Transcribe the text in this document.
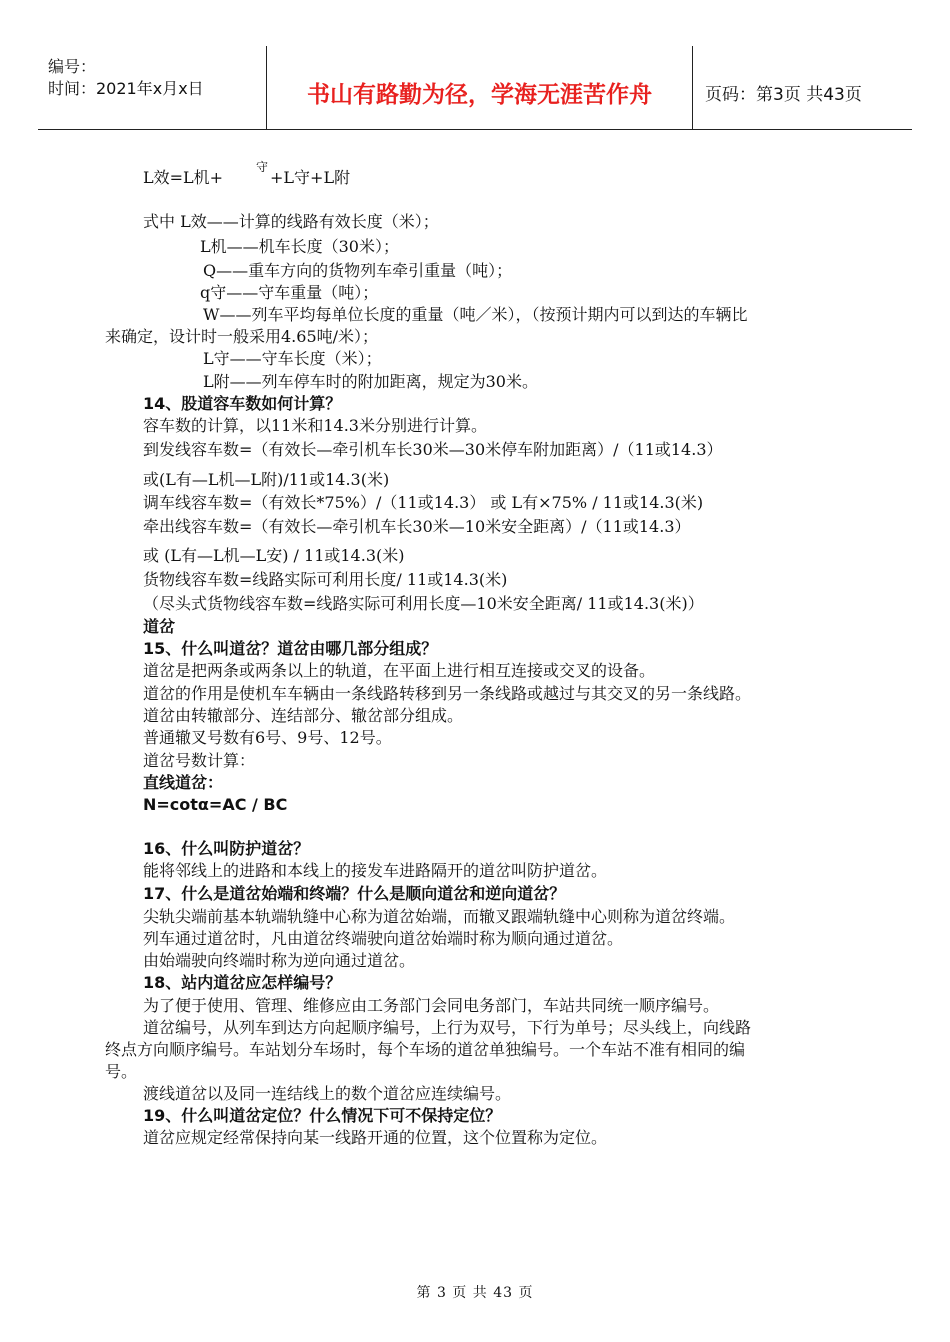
编号：
时间：2021年x月x日	书山有路勤为径，学海无涯苦作舟	页码：第3页 共43页
L效=L机+
守
+L守+L附
式中 L效——计算的线路有效长度（米）；
L机——机车长度（30米）；
Q——重车方向的货物列车牵引重量（吨）；
q守——守车重量（吨）；
W——列车平均每单位长度的重量（吨／米），（按预计期内可以到达的车辆比
来确定，设计时一般采用4.65吨/米）；
L守——守车长度（米）；
L附——列车停车时的附加距离，规定为30米。
14、股道容车数如何计算？
容车数的计算，以11米和14.3米分别进行计算。
到发线容车数=（有效长—牵引机车长30米—30米停车附加距离）/（11或14.3）
或(L有—L机—L附)/11或14.3(米)
调车线容车数=（有效长*75%）/（11或14.3） 或 L有×75% / 11或14.3(米)
牵出线容车数=（有效长—牵引机车长30米—10米安全距离）/（11或14.3）
或 (L有—L机—L安) / 11或14.3(米)
货物线容车数=线路实际可利用长度/ 11或14.3(米)
（尽头式货物线容车数=线路实际可利用长度—10米安全距离/ 11或14.3(米)）
道岔
15、什么叫道岔？道岔由哪几部分组成？
道岔是把两条或两条以上的轨道，在平面上进行相互连接或交叉的设备。
道岔的作用是使机车车辆由一条线路转移到另一条线路或越过与其交叉的另一条线路。
道岔由转辙部分、连结部分、辙岔部分组成。
普通辙叉号数有6号、9号、12号。
道岔号数计算：
直线道岔：
N=cotα=AC / BC
16、什么叫防护道岔？
能将邻线上的进路和本线上的接发车进路隔开的道岔叫防护道岔。
17、什么是道岔始端和终端？什么是顺向道岔和逆向道岔？
尖轨尖端前基本轨端轨缝中心称为道岔始端，而辙叉跟端轨缝中心则称为道岔终端。
列车通过道岔时，凡由道岔终端驶向道岔始端时称为顺向通过道岔。
由始端驶向终端时称为逆向通过道岔。
18、站内道岔应怎样编号？
为了便于使用、管理、维修应由工务部门会同电务部门，车站共同统一顺序编号。
道岔编号，从列车到达方向起顺序编号，上行为双号，下行为单号；尽头线上，向线路
终点方向顺序编号。车站划分车场时，每个车场的道岔单独编号。一个车站不准有相同的编
号。
渡线道岔以及同一连结线上的数个道岔应连续编号。
19、什么叫道岔定位？什么情况下可不保持定位？
道岔应规定经常保持向某一线路开通的位置，这个位置称为定位。
第 3 页 共 43 页
